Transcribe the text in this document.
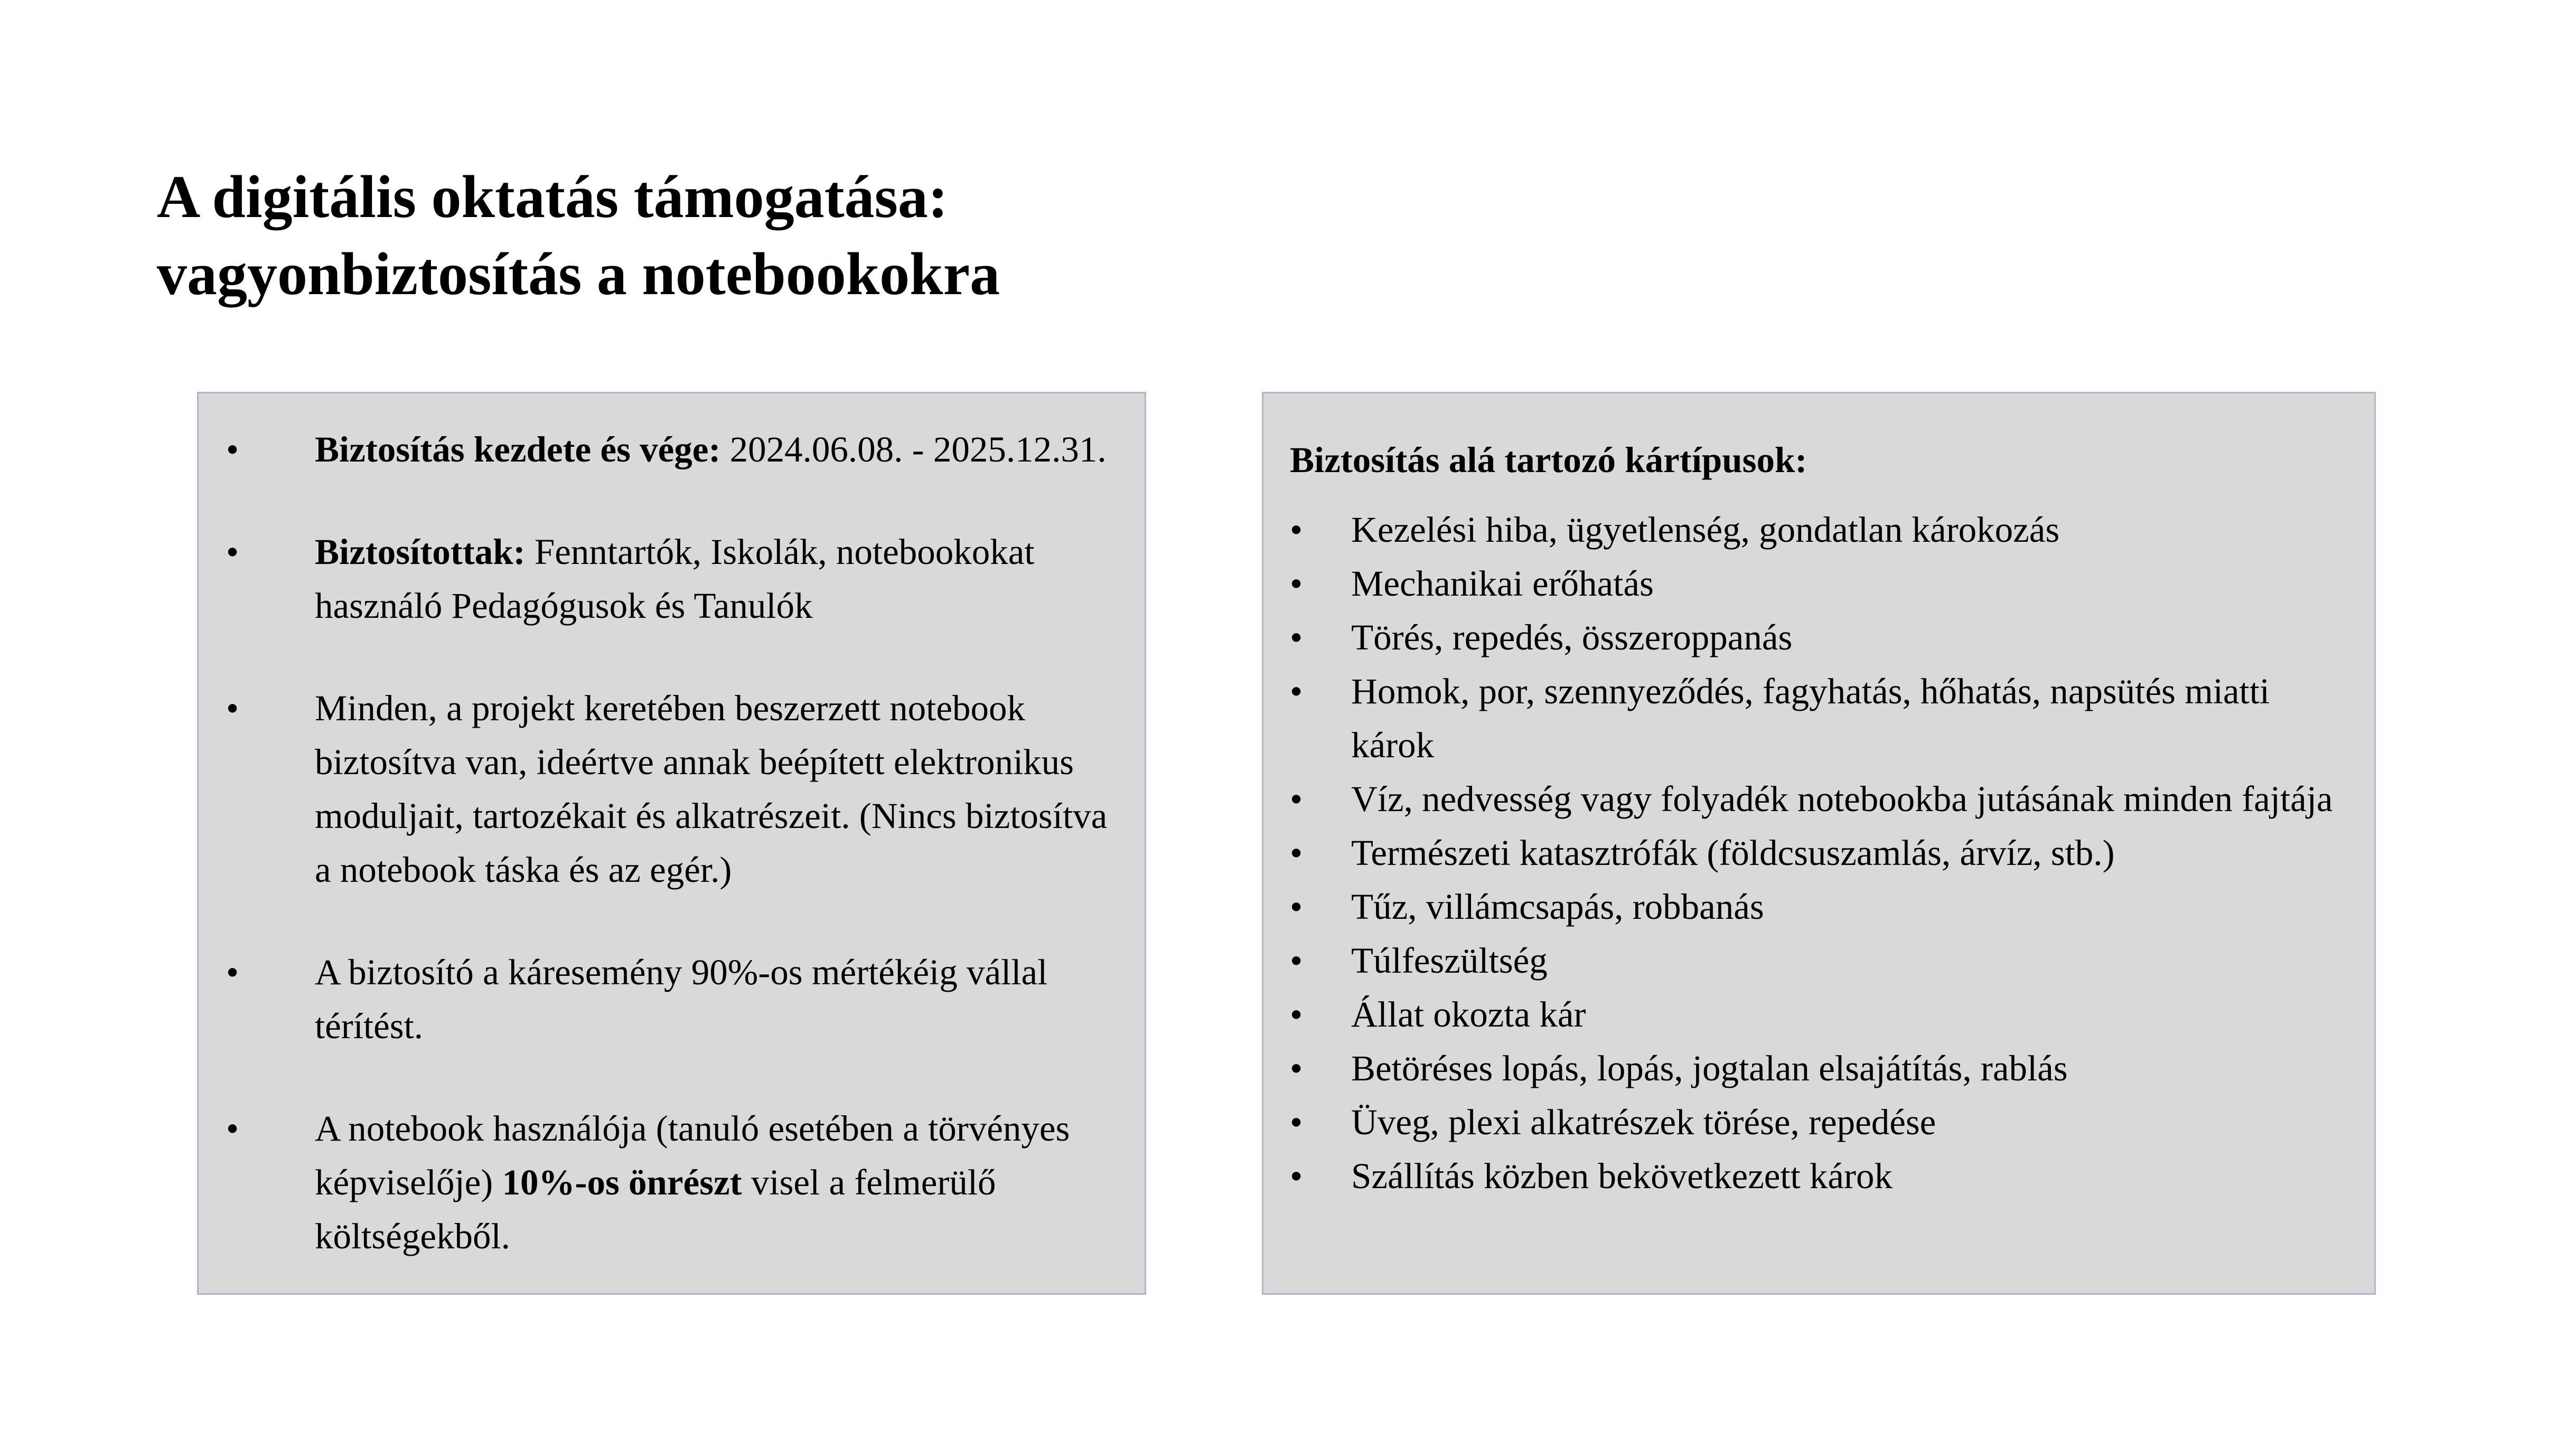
A digitális oktatás támogatása:
vagyonbiztosítás a notebookokra
•	Biztosítás kezdete és vége: 2024.06.08. - 2025.12.31.
•	Biztosítottak: Fenntartók, Iskolák, notebookokat használó Pedagógusok és Tanulók
•	Minden, a projekt keretében beszerzett notebook biztosítva van, ideértve annak beépített elektronikus moduljait, tartozékait és alkatrészeit. (Nincs biztosítva a notebook táska és az egér.)
•	A biztosító a káresemény 90%-os mértékéig vállal térítést.
•	A notebook használója (tanuló esetében a törvényes képviselője) 10%-os önrészt visel a felmerülő költségekből.

Biztosítás alá tartozó kártípusok:

•	Kezelési hiba, ügyetlenség, gondatlan károkozás
•	Mechanikai erőhatás
•	Törés, repedés, összeroppanás
•	Homok, por, szennyeződés, fagyhatás, hőhatás, napsütés miatti károk
•	Víz, nedvesség vagy folyadék notebookba jutásának minden fajtája
•	Természeti katasztrófák (földcsuszamlás, árvíz, stb.)
•	Tűz, villámcsapás, robbanás
•	Túlfeszültség
•	Állat okozta kár
•	Betöréses lopás, lopás, jogtalan elsajátítás, rablás
•	Üveg, plexi alkatrészek törése, repedése
•	Szállítás közben bekövetkezett károk
